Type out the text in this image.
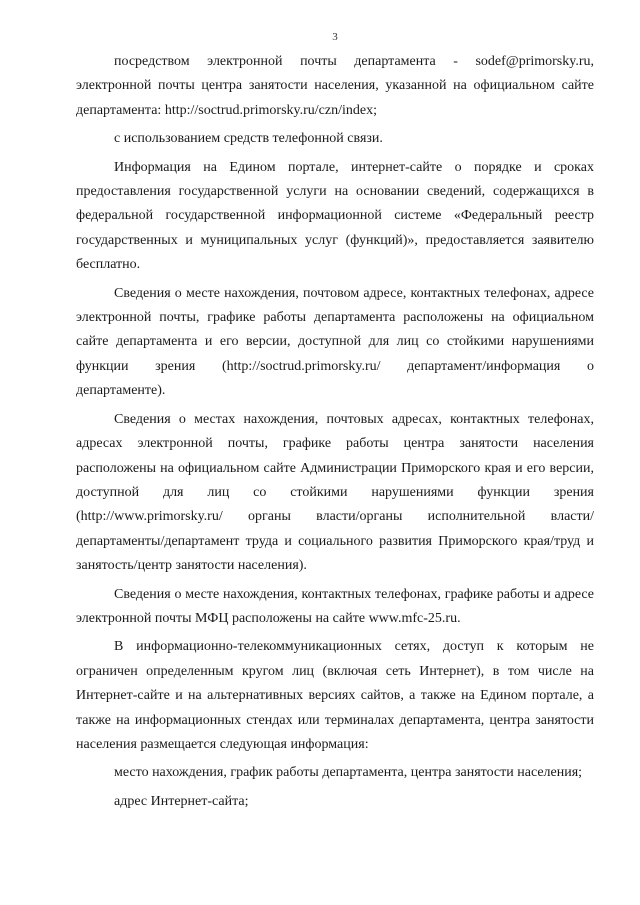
3

посредством электронной почты департамента - sodef@primorsky.ru, электронной почты центра занятости населения, указанной на официальном сайте департамента: http://soctrud.primorsky.ru/czn/index;

с использованием средств телефонной связи.

Информация на Едином портале, интернет-сайте о порядке и сроках предоставления государственной услуги на основании сведений, содержащихся в федеральной государственной информационной системе «Федеральный реестр государственных и муниципальных услуг (функций)», предоставляется заявителю бесплатно.

Сведения о месте нахождения, почтовом адресе, контактных телефонах, адресе электронной почты, графике работы департамента расположены на официальном сайте департамента и его версии, доступной для лиц со стойкими нарушениями функции зрения (http://soctrud.primorsky.ru/ департамент/информация о департаменте).

Сведения о местах нахождения, почтовых адресах, контактных телефонах, адресах электронной почты, графике работы центра занятости населения расположены на официальном сайте Администрации Приморского края и его версии, доступной для лиц со стойкими нарушениями функции зрения (http://www.primorsky.ru/ органы власти/органы исполнительной власти/департаменты/департамент труда и социального развития Приморского края/труд и занятость/центр занятости населения).

Сведения о месте нахождения, контактных телефонах, графике работы и адресе электронной почты МФЦ расположены на сайте www.mfc-25.ru.

В информационно-телекоммуникационных сетях, доступ к которым не ограничен определенным кругом лиц (включая сеть Интернет), в том числе на Интернет-сайте и на альтернативных версиях сайтов, а также на Едином портале, а также на информационных стендах или терминалах департамента, центра занятости населения размещается следующая информация:

место нахождения, график работы департамента, центра занятости населения;

адрес Интернет-сайта;
